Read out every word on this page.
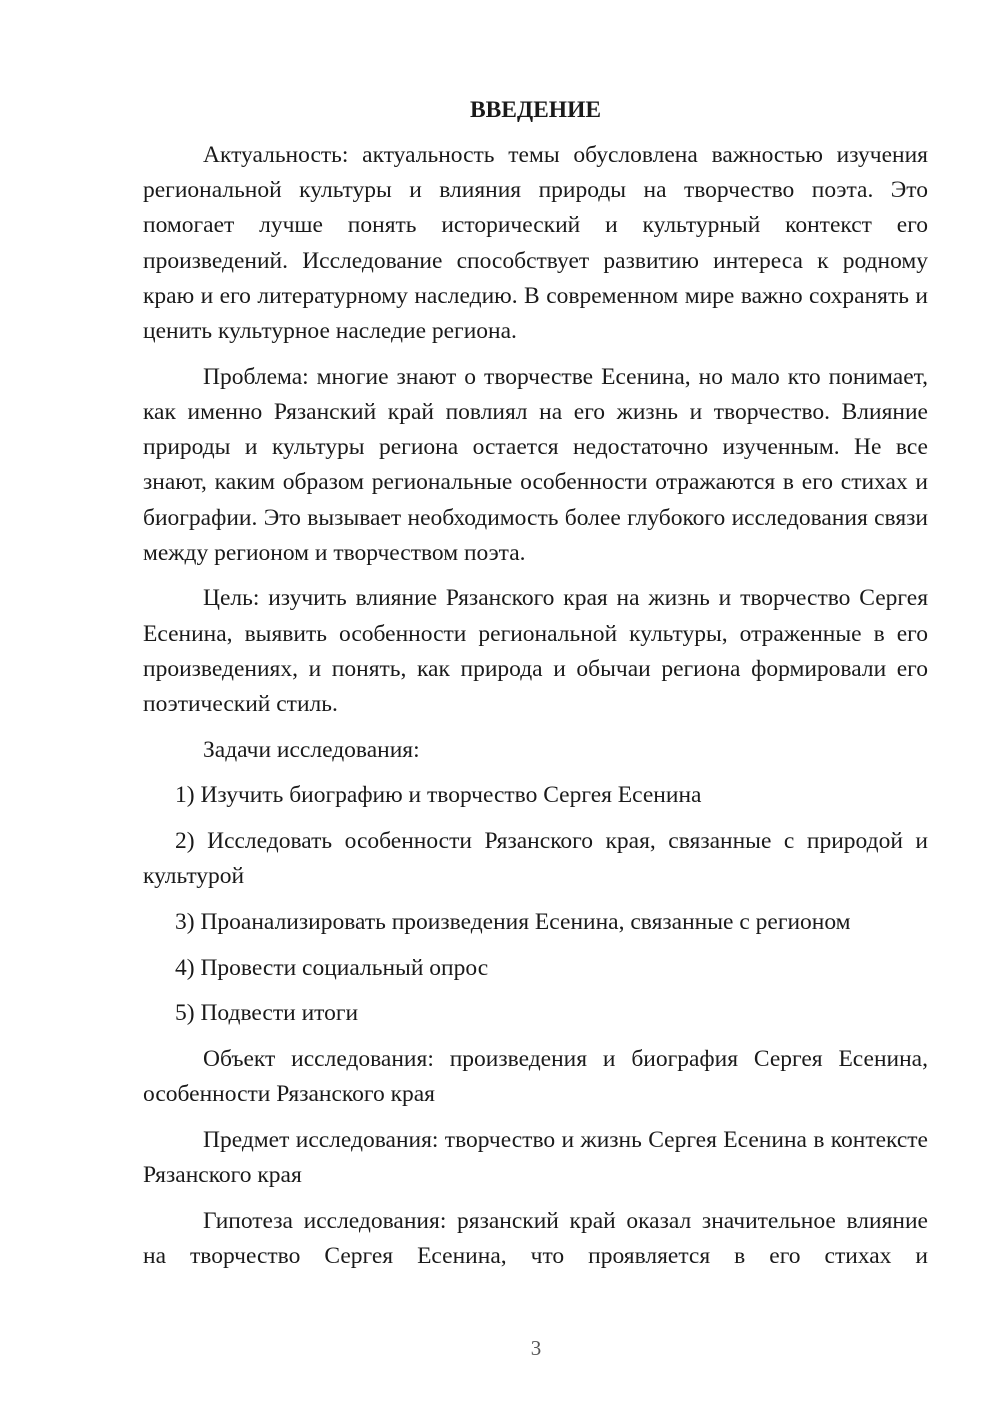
ВВЕДЕНИЕ

Актуальность: актуальность темы обусловлена важностью изучения региональной культуры и влияния природы на творчество поэта. Это помогает лучше понять исторический и культурный контекст его произведений. Исследование способствует развитию интереса к родному краю и его литературному наследию. В современном мире важно сохранять и ценить культурное наследие региона.

Проблема: многие знают о творчестве Есенина, но мало кто понимает, как именно Рязанский край повлиял на его жизнь и творчество. Влияние природы и культуры региона остается недостаточно изученным. Не все знают, каким образом региональные особенности отражаются в его стихах и биографии. Это вызывает необходимость более глубокого исследования связи между регионом и творчеством поэта.

Цель: изучить влияние Рязанского края на жизнь и творчество Сергея Есенина, выявить особенности региональной культуры, отраженные в его произведениях, и понять, как природа и обычаи региона формировали его поэтический стиль.

Задачи исследования:

1) Изучить биографию и творчество Сергея Есенина

2) Исследовать особенности Рязанского края, связанные с природой и культурой

3) Проанализировать произведения Есенина, связанные с регионом

4) Провести социальный опрос

5) Подвести итоги

Объект исследования: произведения и биография Сергея Есенина, особенности Рязанского края

Предмет исследования: творчество и жизнь Сергея Есенина в контексте Рязанского края

Гипотеза исследования: рязанский край оказал значительное влияние на творчество Сергея Есенина, что проявляется в его стихах и

3
